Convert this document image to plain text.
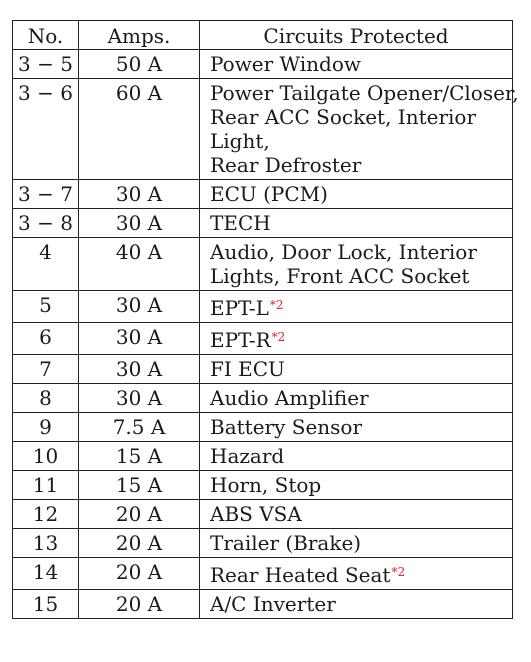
No.	Amps.	Circuits Protected
3 − 5	50 A	Power Window

3 − 6	60 A	Power Tailgate Opener/Closer,
Rear ACC Socket, Interior
Light,
Rear Defroster

3 − 7	30 A	ECU (PCM)

3 − 8	30 A	TECH

4	40 A	Audio, Door Lock, Interior
Lights, Front ACC Socket

5	30 A	EPT-L$^{*2}$

6	30 A	EPT-R$^{*2}$

7	30 A	FI ECU

8	30 A	Audio Amplifier

9	7.5 A	Battery Sensor

10	15 A	Hazard

11	15 A	Horn, Stop

12	20 A	ABS VSA

13	20 A	Trailer (Brake)

14	20 A	Rear Heated Seat$^{*2}$

15	20 A	A/C Inverter
